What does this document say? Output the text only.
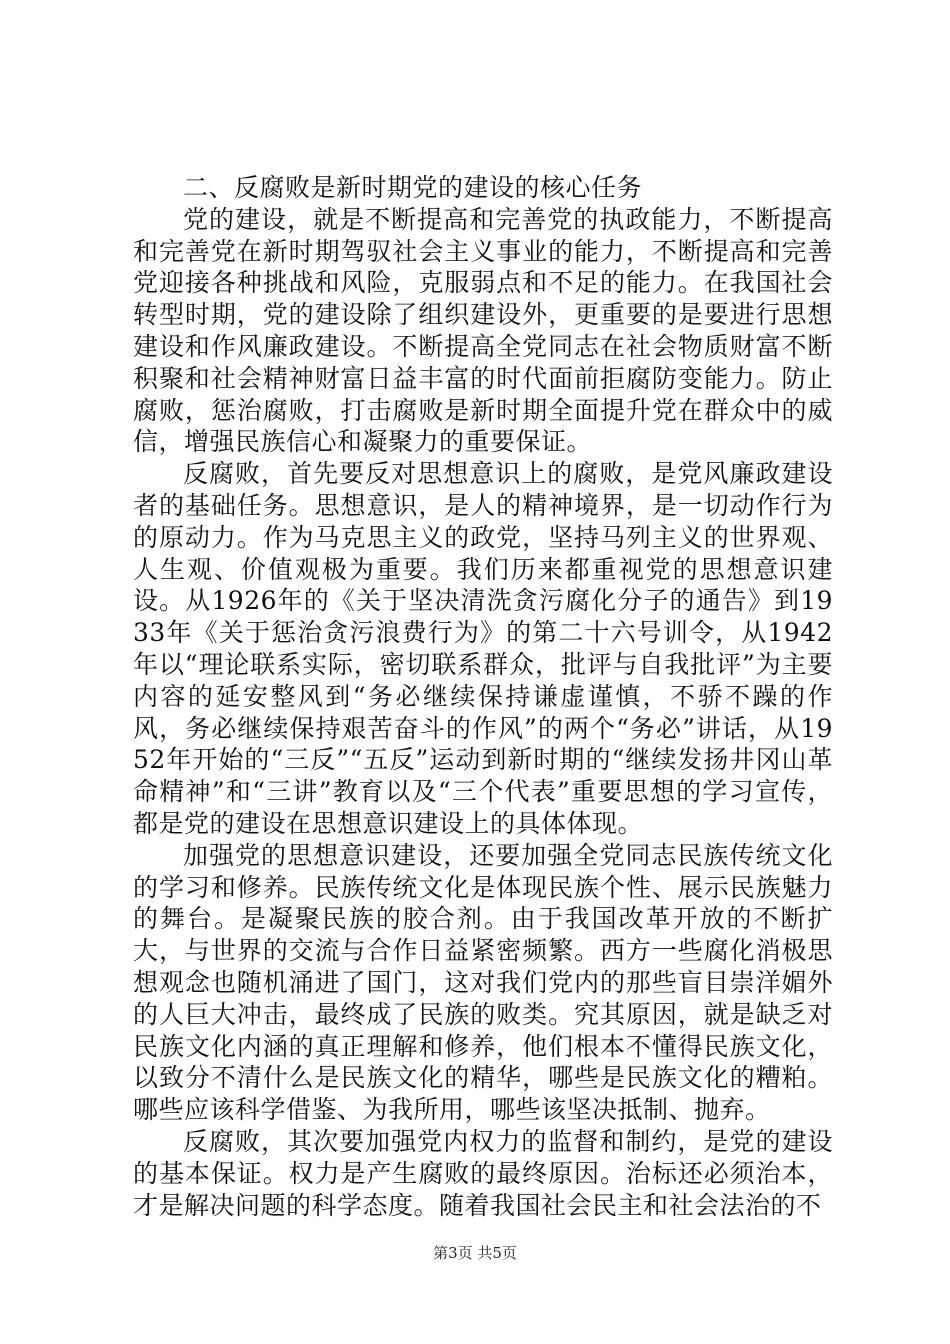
二、反腐败是新时期党的建设的核心任务

党的建设，就是不断提高和完善党的执政能力，不断提高和完善党在新时期驾驭社会主义事业的能力，不断提高和完善党迎接各种挑战和风险，克服弱点和不足的能力。在我国社会转型时期，党的建设除了组织建设外，更重要的是要进行思想建设和作风廉政建设。不断提高全党同志在社会物质财富不断积聚和社会精神财富日益丰富的时代面前拒腐防变能力。防止腐败，惩治腐败，打击腐败是新时期全面提升党在群众中的威信，增强民族信心和凝聚力的重要保证。

反腐败，首先要反对思想意识上的腐败，是党风廉政建设者的基础任务。思想意识，是人的精神境界，是一切动作行为的原动力。作为马克思主义的政党，坚持马列主义的世界观、人生观、价值观极为重要。我们历来都重视党的思想意识建设。从1926年的《关于坚决清洗贪污腐化分子的通告》到1933年《关于惩治贪污浪费行为》的第二十六号训令，从1942年以“理论联系实际，密切联系群众，批评与自我批评”为主要内容的延安整风到“务必继续保持谦虚谨慎，不骄不躁的作风，务必继续保持艰苦奋斗的作风”的两个“务必”讲话，从1952年开始的“三反”“五反”运动到新时期的“继续发扬井冈山革命精神”和“三讲”教育以及“三个代表”重要思想的学习宣传，都是党的建设在思想意识建设上的具体体现。

加强党的思想意识建设，还要加强全党同志民族传统文化的学习和修养。民族传统文化是体现民族个性、展示民族魅力的舞台。是凝聚民族的胶合剂。由于我国改革开放的不断扩大，与世界的交流与合作日益紧密频繁。西方一些腐化消极思想观念也随机涌进了国门，这对我们党内的那些盲目崇洋媚外的人巨大冲击，最终成了民族的败类。究其原因，就是缺乏对民族文化内涵的真正理解和修养，他们根本不懂得民族文化，以致分不清什么是民族文化的精华，哪些是民族文化的糟粕。哪些应该科学借鉴、为我所用，哪些该坚决抵制、抛弃。

反腐败，其次要加强党内权力的监督和制约，是党的建设的基本保证。权力是产生腐败的最终原因。治标还必须治本，才是解决问题的科学态度。随着我国社会民主和社会法治的不

第3页 共5页
